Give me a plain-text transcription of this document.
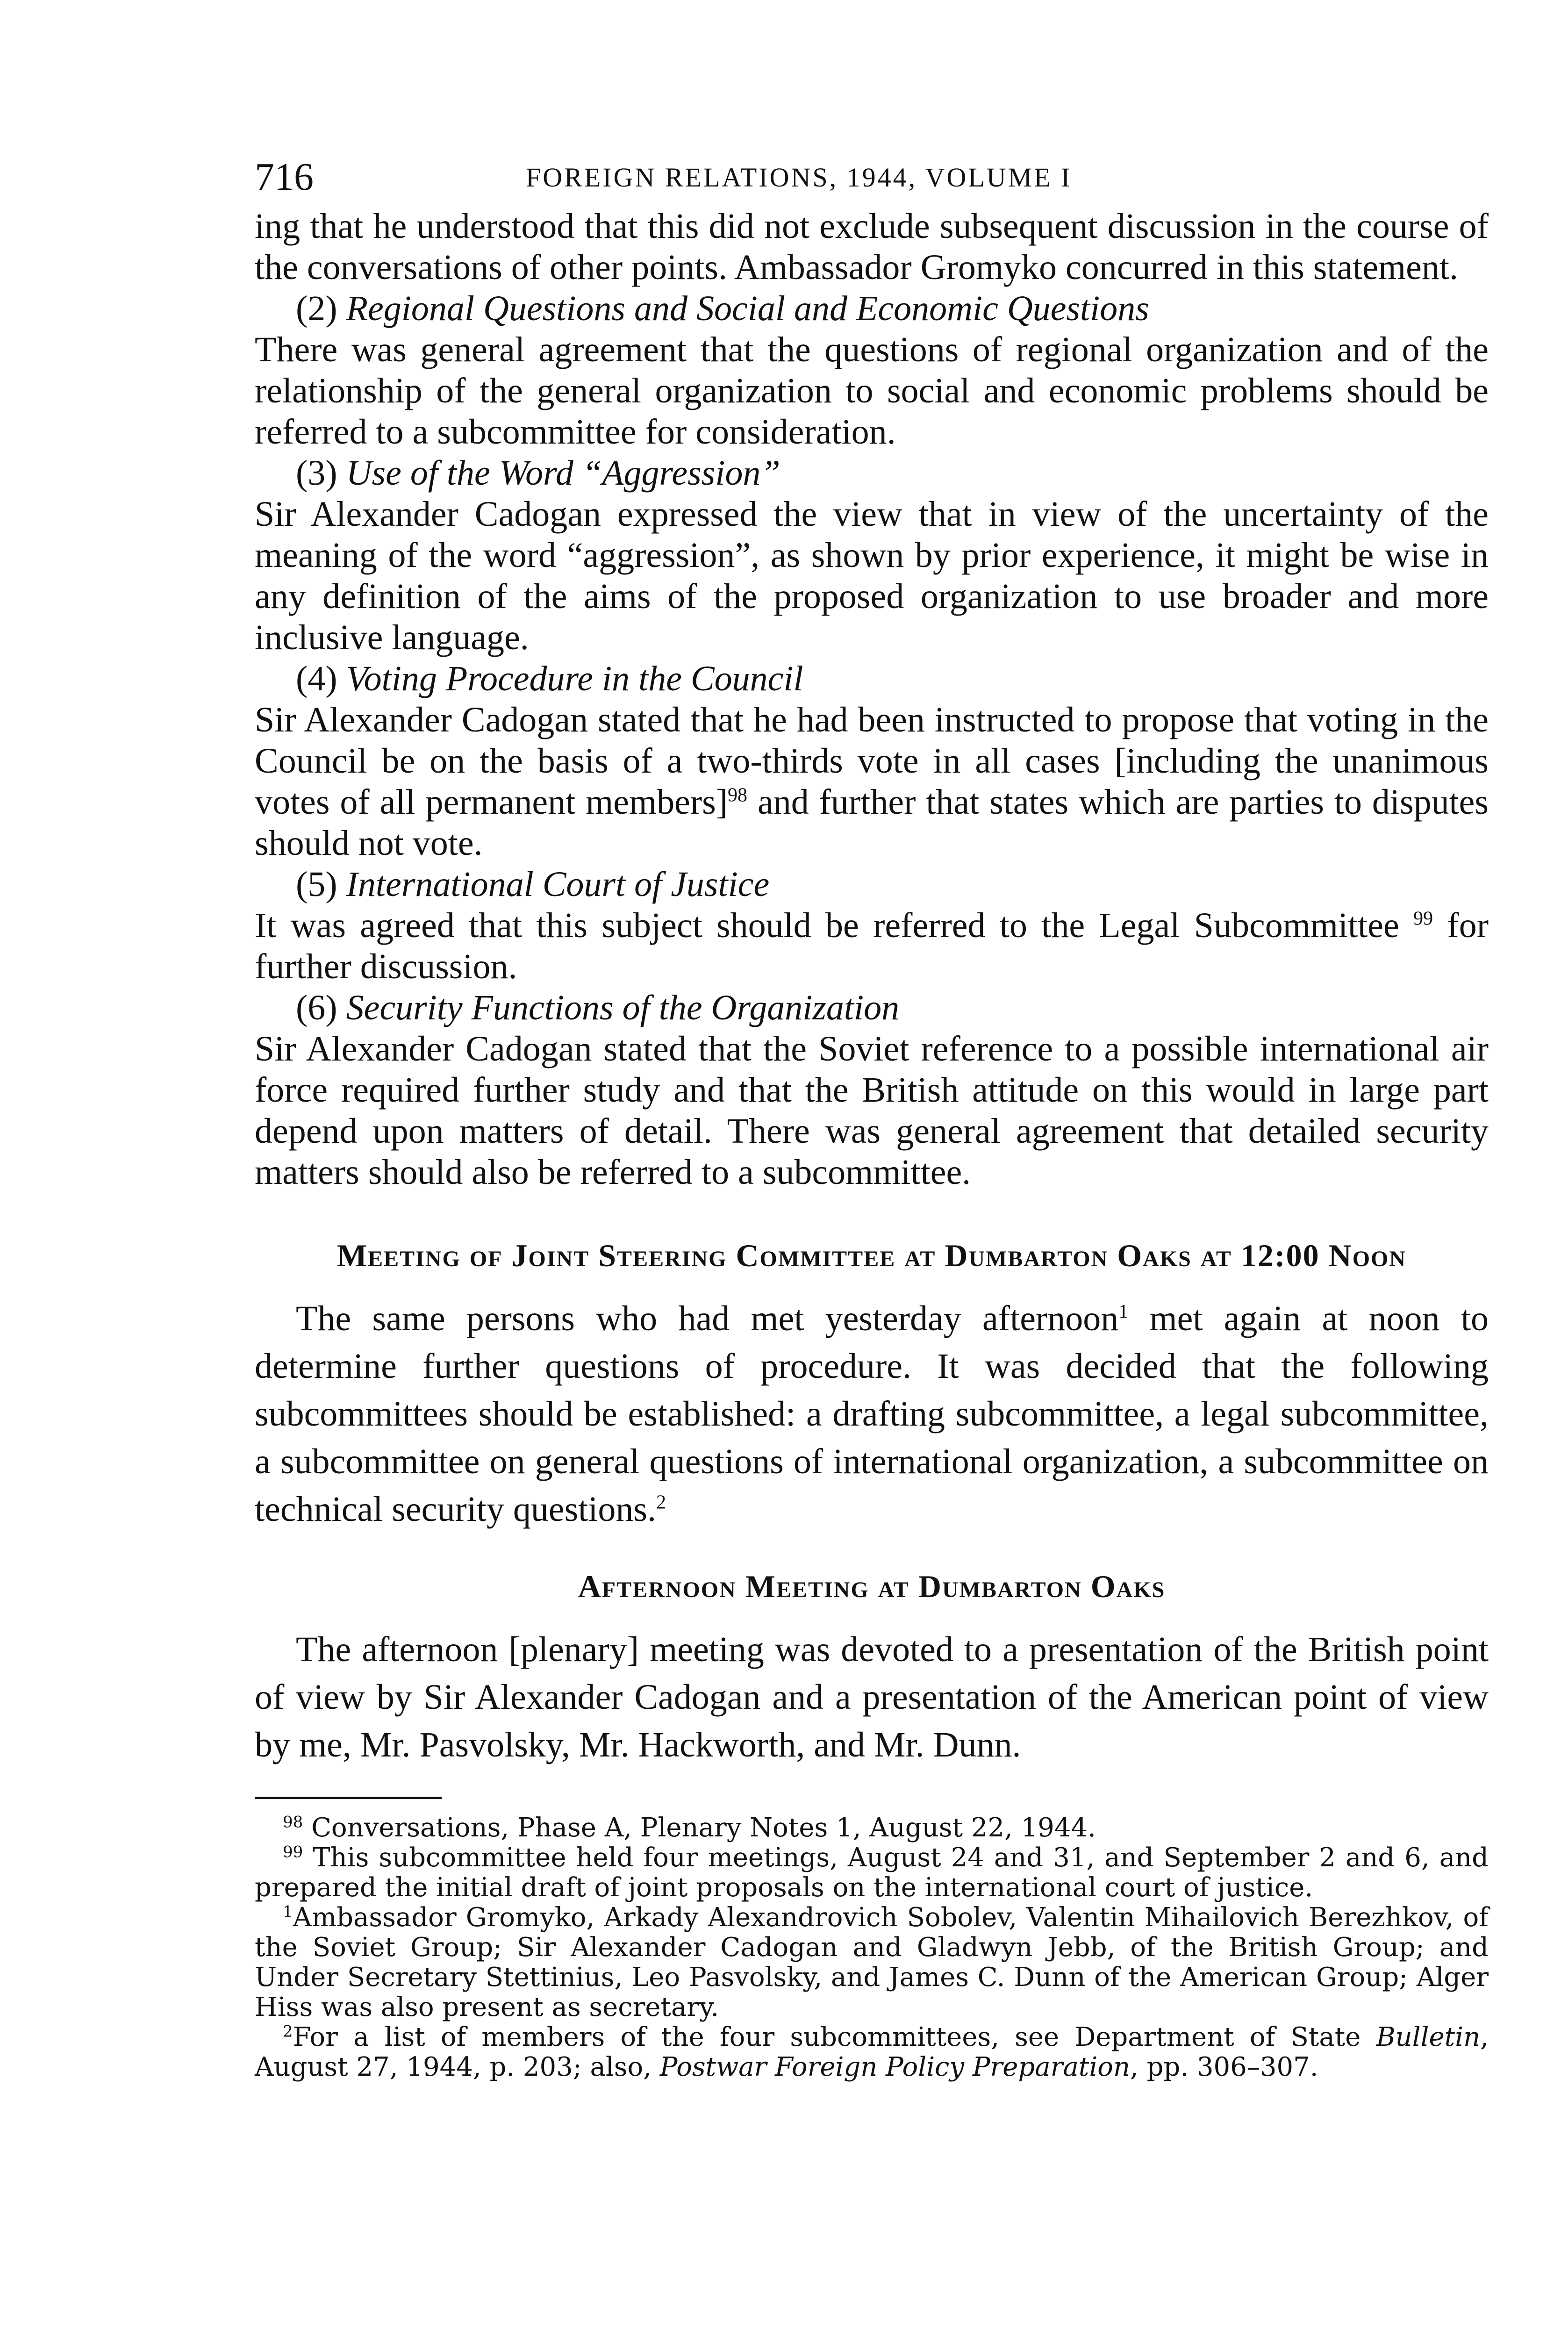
716	FOREIGN RELATIONS, 1944, VOLUME I

ing that he understood that this did not exclude subsequent discussion in the course of the conversations of other points. Ambassador Gromyko concurred in this statement.

(2) Regional Questions and Social and Economic Questions

There was general agreement that the questions of regional organization and of the relationship of the general organization to social and economic problems should be referred to a subcommittee for consideration.

(3) Use of the Word “Aggression”

Sir Alexander Cadogan expressed the view that in view of the uncertainty of the meaning of the word “aggression”, as shown by prior experience, it might be wise in any definition of the aims of the proposed organization to use broader and more inclusive language.

(4) Voting Procedure in the Council

Sir Alexander Cadogan stated that he had been instructed to propose that voting in the Council be on the basis of a two-thirds vote in all cases [including the unanimous votes of all permanent members]$^{98}$ and further that states which are parties to disputes should not vote.

(5) International Court of Justice

It was agreed that this subject should be referred to the Legal Subcommittee $^{99}$ for further discussion.

(6) Security Functions of the Organization

Sir Alexander Cadogan stated that the Soviet reference to a possible international air force required further study and that the British attitude on this would in large part depend upon matters of detail. There was general agreement that detailed security matters should also be referred to a subcommittee.

Meeting of Joint Steering Committee at Dumbarton Oaks at 12:00 Noon

The same persons who had met yesterday afternoon$^1$ met again at noon to determine further questions of procedure. It was decided that the following subcommittees should be established: a drafting subcommittee, a legal subcommittee, a subcommittee on general questions of international organization, a subcommittee on technical security questions.$^2$

Afternoon Meeting at Dumbarton Oaks

The afternoon [plenary] meeting was devoted to a presentation of the British point of view by Sir Alexander Cadogan and a presentation of the American point of view by me, Mr. Pasvolsky, Mr. Hackworth, and Mr. Dunn.

$^{98}$ Conversations, Phase A, Plenary Notes 1, August 22, 1944.

$^{99}$ This subcommittee held four meetings, August 24 and 31, and September 2 and 6, and prepared the initial draft of joint proposals on the international court of justice.

$^1$Ambassador Gromyko, Arkady Alexandrovich Sobolev, Valentin Mihailovich Berezhkov, of the Soviet Group; Sir Alexander Cadogan and Gladwyn Jebb, of the British Group; and Under Secretary Stettinius, Leo Pasvolsky, and James C. Dunn of the American Group; Alger Hiss was also present as secretary.

$^2$For a list of members of the four subcommittees, see Department of State Bulletin, August 27, 1944, p. 203; also, Postwar Foreign Policy Preparation, pp. 306–307.
